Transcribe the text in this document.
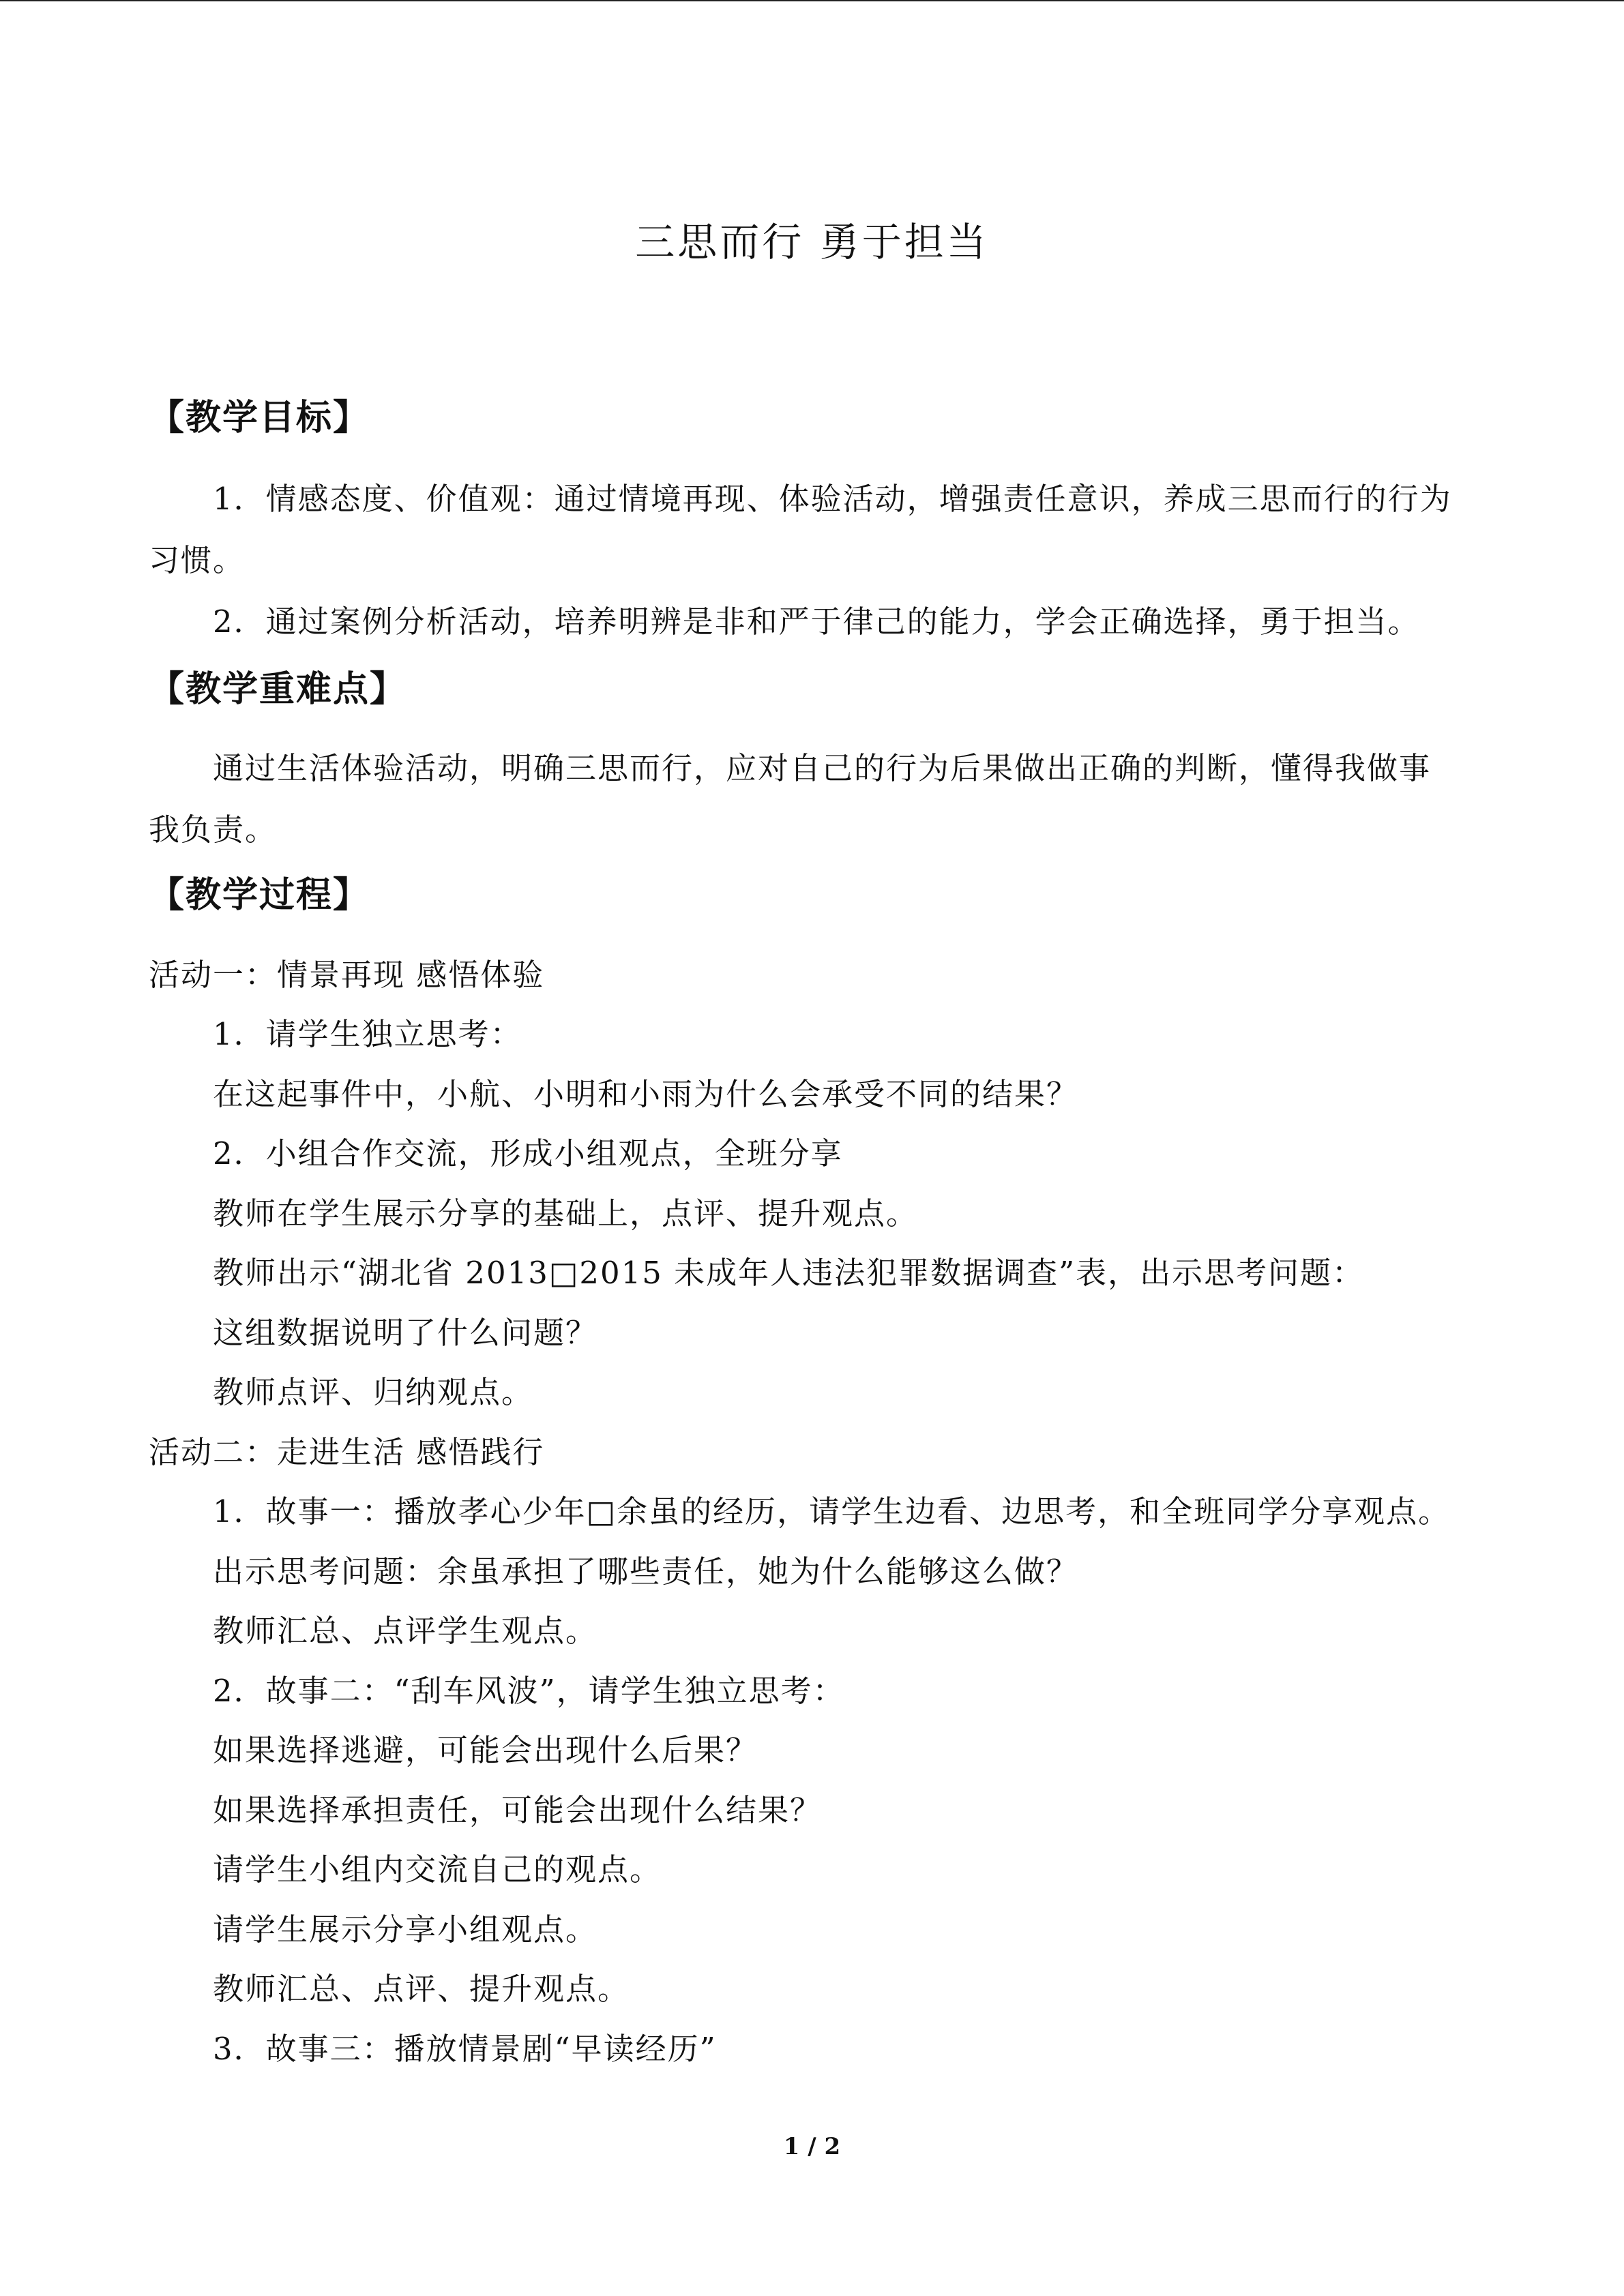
三思而行 勇于担当
【教学目标】
1．情感态度、价值观：通过情境再现、体验活动，增强责任意识，养成三思而行的行为
习惯。
2．通过案例分析活动，培养明辨是非和严于律己的能力，学会正确选择，勇于担当。
【教学重难点】
通过生活体验活动，明确三思而行，应对自己的行为后果做出正确的判断，懂得我做事
我负责。
【教学过程】
活动一：情景再现 感悟体验
1．请学生独立思考：
在这起事件中，小航、小明和小雨为什么会承受不同的结果？
2．小组合作交流，形成小组观点，全班分享
教师在学生展示分享的基础上，点评、提升观点。
教师出示“湖北省 2013□2015 未成年人违法犯罪数据调查”表，出示思考问题：
这组数据说明了什么问题？
教师点评、归纳观点。
活动二：走进生活 感悟践行
1．故事一：播放孝心少年□余虽的经历，请学生边看、边思考，和全班同学分享观点。
出示思考问题：余虽承担了哪些责任，她为什么能够这么做？
教师汇总、点评学生观点。
2．故事二：“刮车风波”，请学生独立思考：
如果选择逃避，可能会出现什么后果？
如果选择承担责任，可能会出现什么结果？
请学生小组内交流自己的观点。
请学生展示分享小组观点。
教师汇总、点评、提升观点。
3．故事三：播放情景剧“早读经历”
1 / 2
